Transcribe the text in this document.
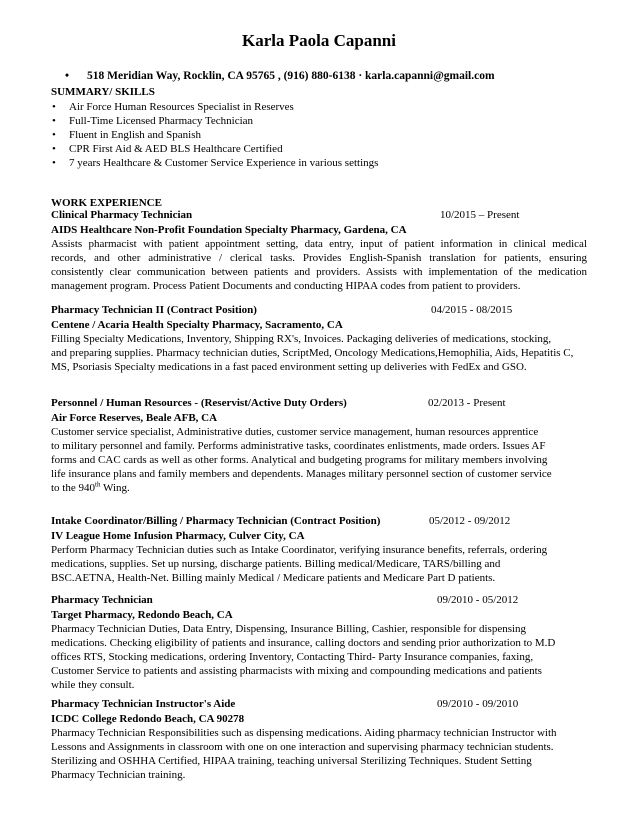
Karla Paola Capanni
• 518 Meridian Way, Rocklin, CA 95765 , (916) 880-6138 · karla.capanni@gmail.com
SUMMARY/ SKILLS
• Air Force Human Resources Specialist in Reserves
• Full-Time Licensed Pharmacy Technician
• Fluent in English and Spanish
• CPR First Aid & AED BLS Healthcare Certified
• 7 years Healthcare & Customer Service Experience in various settings
WORK EXPERIENCE
Clinical Pharmacy Technician	10/2015 – Present
AIDS Healthcare Non-Profit Foundation Specialty Pharmacy, Gardena, CA
Assists pharmacist with patient appointment setting, data entry, input of patient information in clinical medical
records, and other administrative / clerical tasks. Provides English-Spanish translation for patients, ensuring
consistently clear communication between patients and providers. Assists with implementation of the medication
management program. Process Patient Documents and conducting HIPAA codes from patient to providers.
Pharmacy Technician II (Contract Position)	04/2015 - 08/2015
Centene / Acaria Health Specialty Pharmacy, Sacramento, CA
Filling Specialty Medications, Inventory, Shipping RX's, Invoices. Packaging deliveries of medications, stocking,
and preparing supplies. Pharmacy technician duties, ScriptMed, Oncology Medications,Hemophilia, Aids, Hepatitis C,
MS, Psoriasis Specialty medications in a fast paced environment setting up deliveries with FedEx and GSO.
Personnel / Human Resources - (Reservist/Active Duty Orders)	02/2013 - Present
Air Force Reserves, Beale AFB, CA
Customer service specialist, Administrative duties, customer service management, human resources apprentice
to military personnel and family. Performs administrative tasks, coordinates enlistments, made orders. Issues AF
forms and CAC cards as well as other forms. Analytical and budgeting programs for military members involving
life insurance plans and family members and dependents. Manages military personnel section of customer service
to the 940th Wing.
Intake Coordinator/Billing / Pharmacy Technician (Contract Position)	05/2012 - 09/2012
IV League Home Infusion Pharmacy, Culver City, CA
Perform Pharmacy Technician duties such as Intake Coordinator, verifying insurance benefits, referrals, ordering
medications, supplies. Set up nursing, discharge patients. Billing medical/Medicare, TARS/billing and
BSC.AETNA, Health-Net. Billing mainly Medical / Medicare patients and Medicare Part D patients.
Pharmacy Technician	09/2010 - 05/2012
Target Pharmacy, Redondo Beach, CA
Pharmacy Technician Duties, Data Entry, Dispensing, Insurance Billing, Cashier, responsible for dispensing
medications. Checking eligibility of patients and insurance, calling doctors and sending prior authorization to M.D
offices RTS, Stocking medications, ordering Inventory, Contacting Third- Party Insurance companies, faxing,
Customer Service to patients and assisting pharmacists with mixing and compounding medications and patients
while they consult.
Pharmacy Technician Instructor's Aide	09/2010 - 09/2010
ICDC College Redondo Beach, CA 90278
Pharmacy Technician Responsibilities such as dispensing medications. Aiding pharmacy technician Instructor with
Lessons and Assignments in classroom with one on one interaction and supervising pharmacy technician students.
Sterilizing and OSHHA Certified, HIPAA training, teaching universal Sterilizing Techniques. Student Setting
Pharmacy Technician training.
